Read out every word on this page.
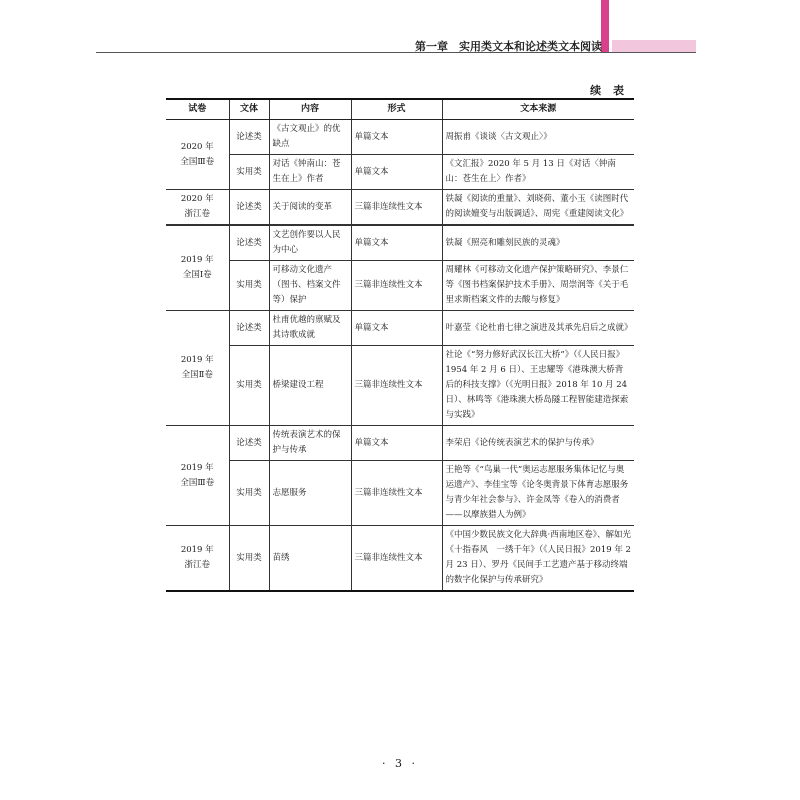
第一章　实用类文本和论述类文本阅读
续 表
试卷	文体	内容	形式	文本来源

2020 年
全国Ⅲ卷	论述类	《古文观止》的优缺点	单篇文本	周振甫《谈谈〈古文观止〉》
	实用类	对话《钟南山：苍生在上》作者	单篇文本	《文汇报》2020 年 5 月 13 日《对话〈钟南山：苍生在上〉作者》

2020 年
浙江卷	论述类	关于阅读的变革	三篇非连续性文本	铁凝《阅读的重量》、刘晓荷、董小玉《读图时代的阅读嬗变与出版调适》、周宪《重建阅读文化》

2019 年
全国Ⅰ卷	论述类	文艺创作要以人民为中心	单篇文本	铁凝《照亮和雕刻民族的灵魂》
	实用类	可移动文化遗产（图书、档案文件等）保护	三篇非连续性文本	周耀林《可移动文化遗产保护策略研究》、李景仁等《图书档案保护技术手册》、周崇润等《关于毛里求斯档案文件的去酸与修复》

2019 年
全国Ⅱ卷	论述类	杜甫优越的禀赋及其诗歌成就	单篇文本	叶嘉莹《论杜甫七律之演进及其承先启后之成就》
	实用类	桥梁建设工程	三篇非连续性文本	社论《“努力修好武汉长江大桥”》（《人民日报》1954 年 2 月 6 日）、王忠耀等《港珠澳大桥背后的科技支撑》（《光明日报》2018 年 10 月 24 日）、林鸣等《港珠澳大桥岛隧工程智能建造探索与实践》

2019 年
全国Ⅲ卷	论述类	传统表演艺术的保护与传承	单篇文本	李荣启《论传统表演艺术的保护与传承》
	实用类	志愿服务	三篇非连续性文本	王艳等《“鸟巢一代”奥运志愿服务集体记忆与奥运遗产》、李佳宝等《论冬奥背景下体育志愿服务与青少年社会参与》、许金凤等《卷入的消费者——以摩族猎人为例》

2019 年
浙江卷	实用类	苗绣	三篇非连续性文本	《中国少数民族文化大辞典·西南地区卷》、解如光《十指春风　一绣千年》（《人民日报》2019 年 2 月 23 日）、罗丹《民间手工艺遗产基于移动终端的数字化保护与传承研究》
· 3 ·
